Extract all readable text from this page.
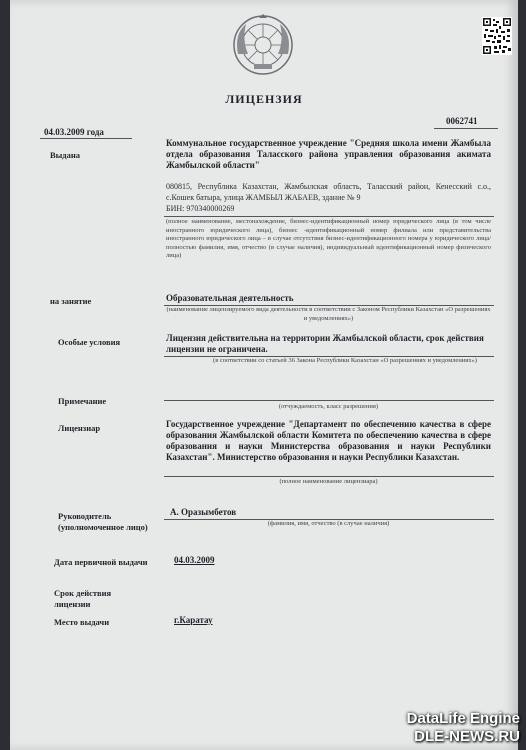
ЛИЦЕНЗИЯ
0062741
04.03.2009 года
Выдана
Коммунальное государственное учреждение "Средняя школа имени Жамбыла отдела образования Таласского района управления образования акимата Жамбылской области"
080815, Республика Казахстан, Жамбылская область, Таласский район, Кенесский с.о., с.Кошек батыра, улица ЖАМБЫЛ ЖАБАЕВ, здание № 9
БИН: 970340000269
(полное наименование, местонахождение, бизнес-идентификационный номер юридического лица (в том числе иностранного юридического лица), бизнес -идентификационный номер филиала или представительства иностранного юридического лица – в случае отсутствия бизнес-идентификационного номера у юридического лица/полностью фамилия, имя, отчество (в случае наличия), индивидуальный идентификационный номер физического лица)
на занятие	Образовательная деятельность
(наименование лицензируемого вида деятельности в соответствии с Законом Республики Казахстан «О разрешениях и уведомлениях»)
Особые условия	Лицензия действительна на территории Жамбылской области, срок действия лицензии не ограничена.
(в соответствии со статьей 36 Закона Республики Казахстан «О разрешениях и уведомлениях»)
Примечание
(отчуждаемость, класс разрешения)
Лицензиар	Государственное учреждение "Департамент по обеспечению качества в сфере образования Жамбылской области Комитета по обеспечению качества в сфере образования и науки Министерства образования и науки Республики Казахстан". Министерство образования и науки Республики Казахстан.
(полное наименование лицензиара)
Руководитель
(уполномоченное лицо)
А. Оразымбетов
(фамилия, имя, отчество (в случае наличия)
Дата первичной выдачи	04.03.2009
Срок действия
лицензии
Место выдачи	г.Каратау
DataLife Engine
DLE-NEWS.RU
